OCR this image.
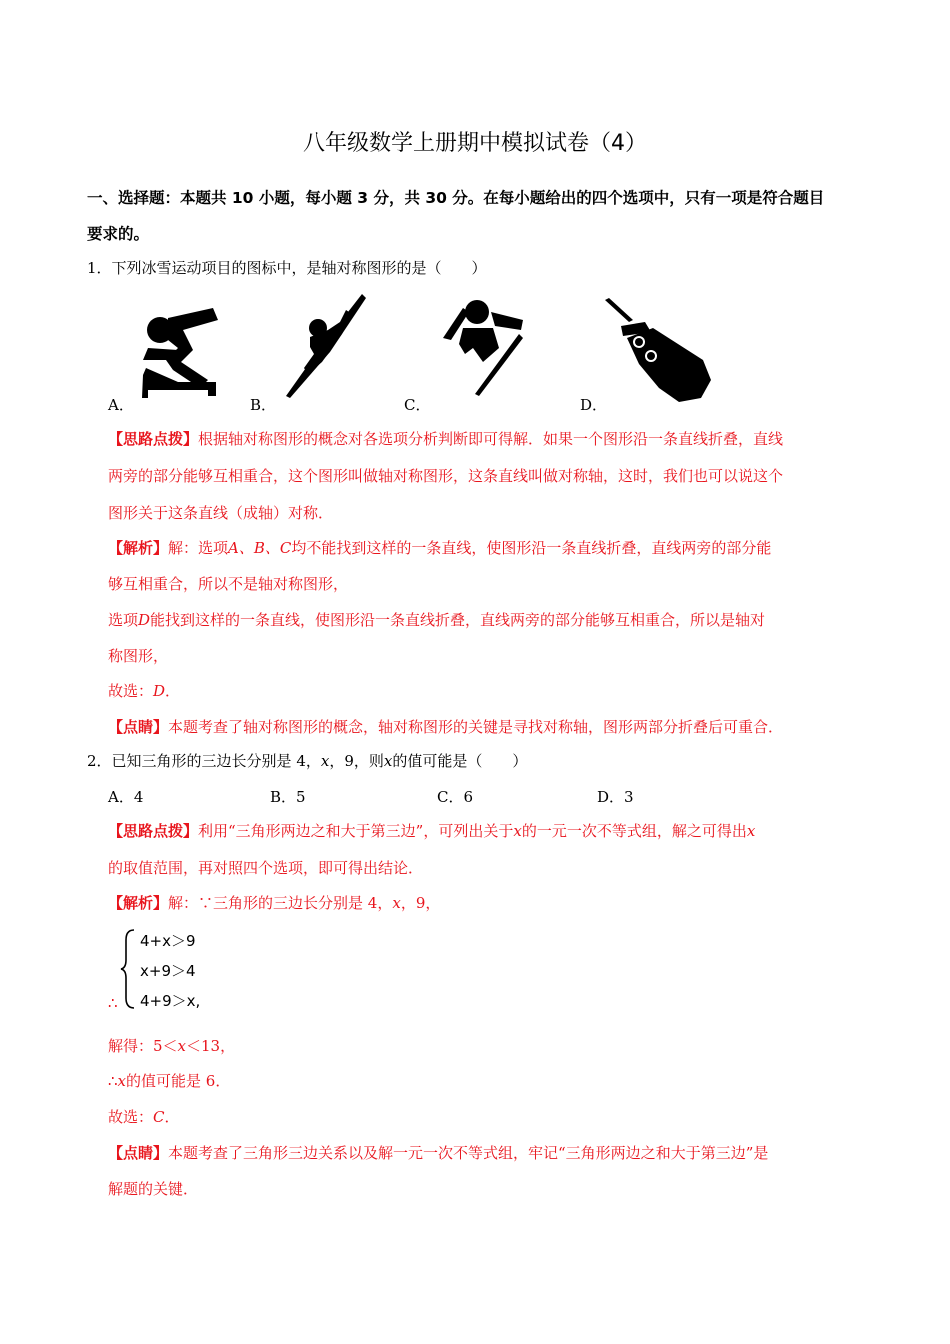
八年级数学上册期中模拟试卷（4）
一、选择题：本题共 10 小题，每小题 3 分，共 30 分。在每小题给出的四个选项中，只有一项是符合题目
要求的。
1．下列冰雪运动项目的图标中，是轴对称图形的是（　　）
A．	B．	C．	D．
【思路点拨】根据轴对称图形的概念对各选项分析判断即可得解．如果一个图形沿一条直线折叠，直线
两旁的部分能够互相重合，这个图形叫做轴对称图形，这条直线叫做对称轴，这时，我们也可以说这个
图形关于这条直线（成轴）对称．
【解析】解：选项A、B、C均不能找到这样的一条直线，使图形沿一条直线折叠，直线两旁的部分能
够互相重合，所以不是轴对称图形，
选项D能找到这样的一条直线，使图形沿一条直线折叠，直线两旁的部分能够互相重合，所以是轴对
称图形，
故选：D．
【点睛】本题考查了轴对称图形的概念，轴对称图形的关键是寻找对称轴，图形两部分折叠后可重合．
2．已知三角形的三边长分别是 4，x，9，则x的值可能是（　　）
A．4	B．5	C．6	D．3
【思路点拨】利用“三角形两边之和大于第三边”，可列出关于x的一元一次不等式组，解之可得出x
的取值范围，再对照四个选项，即可得出结论．
【解析】解：∵三角形的三边长分别是 4，x，9，
4+x＞9
x+9＞4
4+9＞x,
∴
解得：5＜x＜13，
∴x的值可能是 6．
故选：C．
【点睛】本题考查了三角形三边关系以及解一元一次不等式组，牢记“三角形两边之和大于第三边”是
解题的关键．
